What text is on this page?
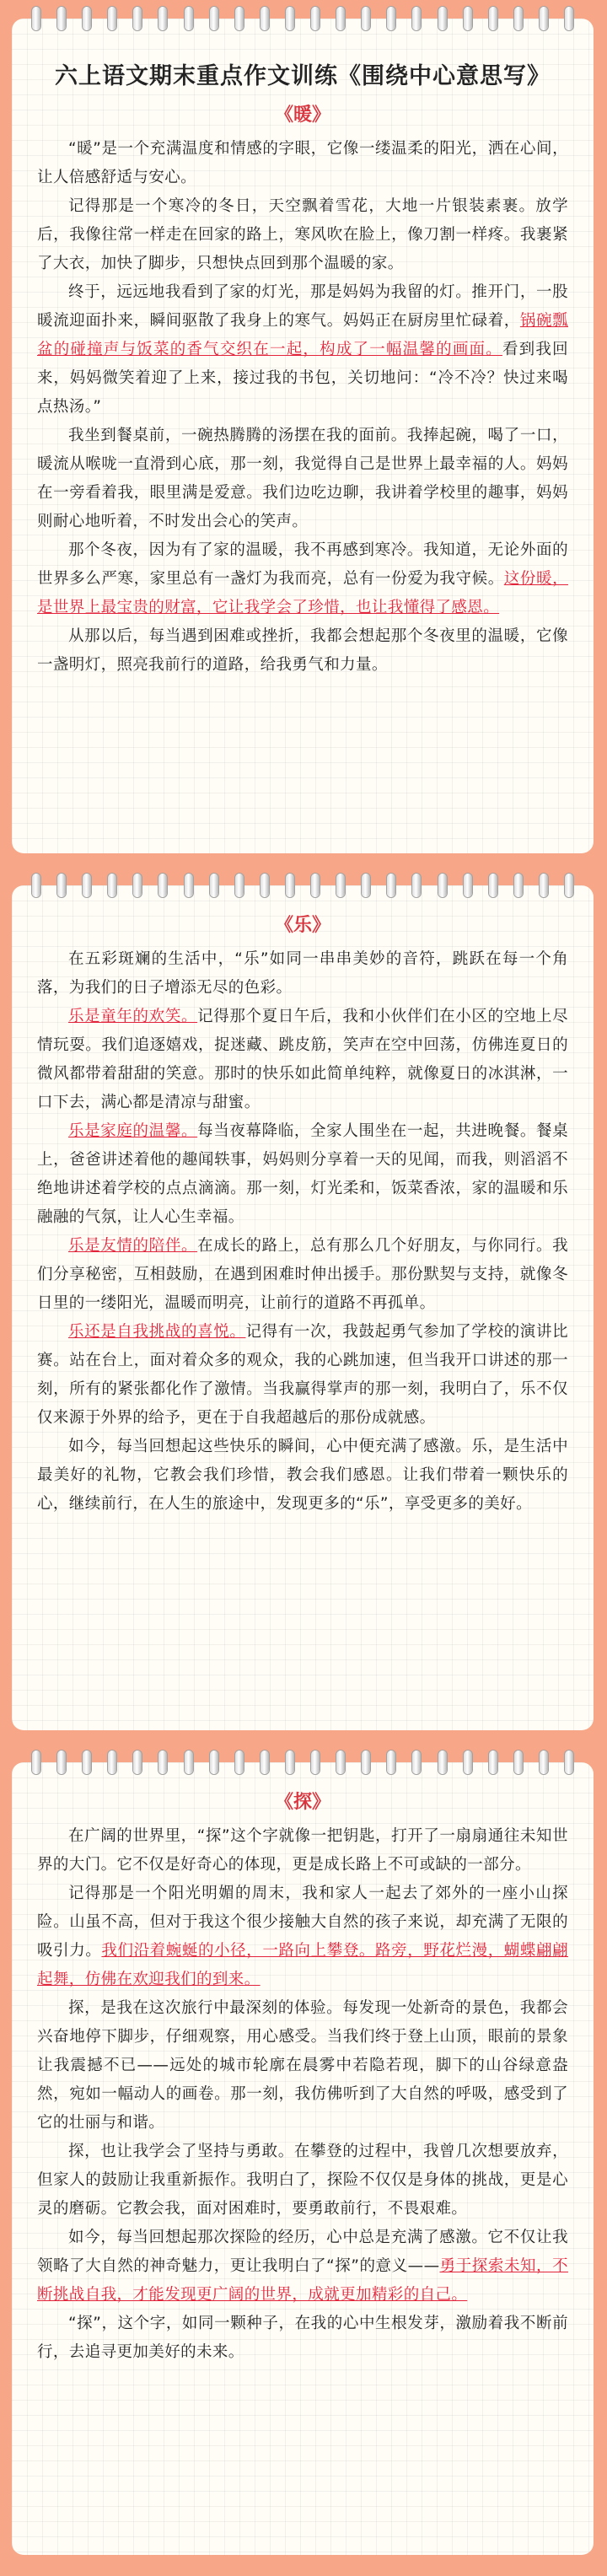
六上语文期末重点作文训练《围绕中心意思写》
《暖》

“暖”是一个充满温度和情感的字眼，它像一缕温柔的阳光，洒在心间，让人倍感舒适与安心。

记得那是一个寒冷的冬日，天空飘着雪花，大地一片银装素裹。放学后，我像往常一样走在回家的路上，寒风吹在脸上，像刀割一样疼。我裹紧了大衣，加快了脚步，只想快点回到那个温暖的家。

终于，远远地我看到了家的灯光，那是妈妈为我留的灯。推开门，一股暖流迎面扑来，瞬间驱散了我身上的寒气。妈妈正在厨房里忙碌着，锅碗瓢盆的碰撞声与饭菜的香气交织在一起，构成了一幅温馨的画面。看到我回来，妈妈微笑着迎了上来，接过我的书包，关切地问：“冷不冷？快过来喝点热汤。”

我坐到餐桌前，一碗热腾腾的汤摆在我的面前。我捧起碗，喝了一口，暖流从喉咙一直滑到心底，那一刻，我觉得自己是世界上最幸福的人。妈妈在一旁看着我，眼里满是爱意。我们边吃边聊，我讲着学校里的趣事，妈妈则耐心地听着，不时发出会心的笑声。

那个冬夜，因为有了家的温暖，我不再感到寒冷。我知道，无论外面的世界多么严寒，家里总有一盏灯为我而亮，总有一份爱为我守候。这份暖，是世界上最宝贵的财富，它让我学会了珍惜，也让我懂得了感恩。

从那以后，每当遇到困难或挫折，我都会想起那个冬夜里的温暖，它像一盏明灯，照亮我前行的道路，给我勇气和力量。

《乐》

在五彩斑斓的生活中，“乐”如同一串串美妙的音符，跳跃在每一个角落，为我们的日子增添无尽的色彩。

乐是童年的欢笑。记得那个夏日午后，我和小伙伴们在小区的空地上尽情玩耍。我们追逐嬉戏，捉迷藏、跳皮筋，笑声在空中回荡，仿佛连夏日的微风都带着甜甜的笑意。那时的快乐如此简单纯粹，就像夏日的冰淇淋，一口下去，满心都是清凉与甜蜜。

乐是家庭的温馨。每当夜幕降临，全家人围坐在一起，共进晚餐。餐桌上，爸爸讲述着他的趣闻轶事，妈妈则分享着一天的见闻，而我，则滔滔不绝地讲述着学校的点点滴滴。那一刻，灯光柔和，饭菜香浓，家的温暖和乐融融的气氛，让人心生幸福。

乐是友情的陪伴。在成长的路上，总有那么几个好朋友，与你同行。我们分享秘密，互相鼓励，在遇到困难时伸出援手。那份默契与支持，就像冬日里的一缕阳光，温暖而明亮，让前行的道路不再孤单。

乐还是自我挑战的喜悦。记得有一次，我鼓起勇气参加了学校的演讲比赛。站在台上，面对着众多的观众，我的心跳加速，但当我开口讲述的那一刻，所有的紧张都化作了激情。当我赢得掌声的那一刻，我明白了，乐不仅仅来源于外界的给予，更在于自我超越后的那份成就感。

如今，每当回想起这些快乐的瞬间，心中便充满了感激。乐，是生活中最美好的礼物，它教会我们珍惜，教会我们感恩。让我们带着一颗快乐的心，继续前行，在人生的旅途中，发现更多的“乐”，享受更多的美好。

《探》

在广阔的世界里，“探”这个字就像一把钥匙，打开了一扇扇通往未知世界的大门。它不仅是好奇心的体现，更是成长路上不可或缺的一部分。

记得那是一个阳光明媚的周末，我和家人一起去了郊外的一座小山探险。山虽不高，但对于我这个很少接触大自然的孩子来说，却充满了无限的吸引力。我们沿着蜿蜒的小径，一路向上攀登。路旁，野花烂漫，蝴蝶翩翩起舞，仿佛在欢迎我们的到来。

探，是我在这次旅行中最深刻的体验。每发现一处新奇的景色，我都会兴奋地停下脚步，仔细观察，用心感受。当我们终于登上山顶，眼前的景象让我震撼不已——远处的城市轮廓在晨雾中若隐若现，脚下的山谷绿意盎然，宛如一幅动人的画卷。那一刻，我仿佛听到了大自然的呼吸，感受到了它的壮丽与和谐。

探，也让我学会了坚持与勇敢。在攀登的过程中，我曾几次想要放弃，但家人的鼓励让我重新振作。我明白了，探险不仅仅是身体的挑战，更是心灵的磨砺。它教会我，面对困难时，要勇敢前行，不畏艰难。

如今，每当回想起那次探险的经历，心中总是充满了感激。它不仅让我领略了大自然的神奇魅力，更让我明白了“探”的意义——勇于探索未知，不断挑战自我，才能发现更广阔的世界，成就更加精彩的自己。

“探”，这个字，如同一颗种子，在我的心中生根发芽，激励着我不断前行，去追寻更加美好的未来。
